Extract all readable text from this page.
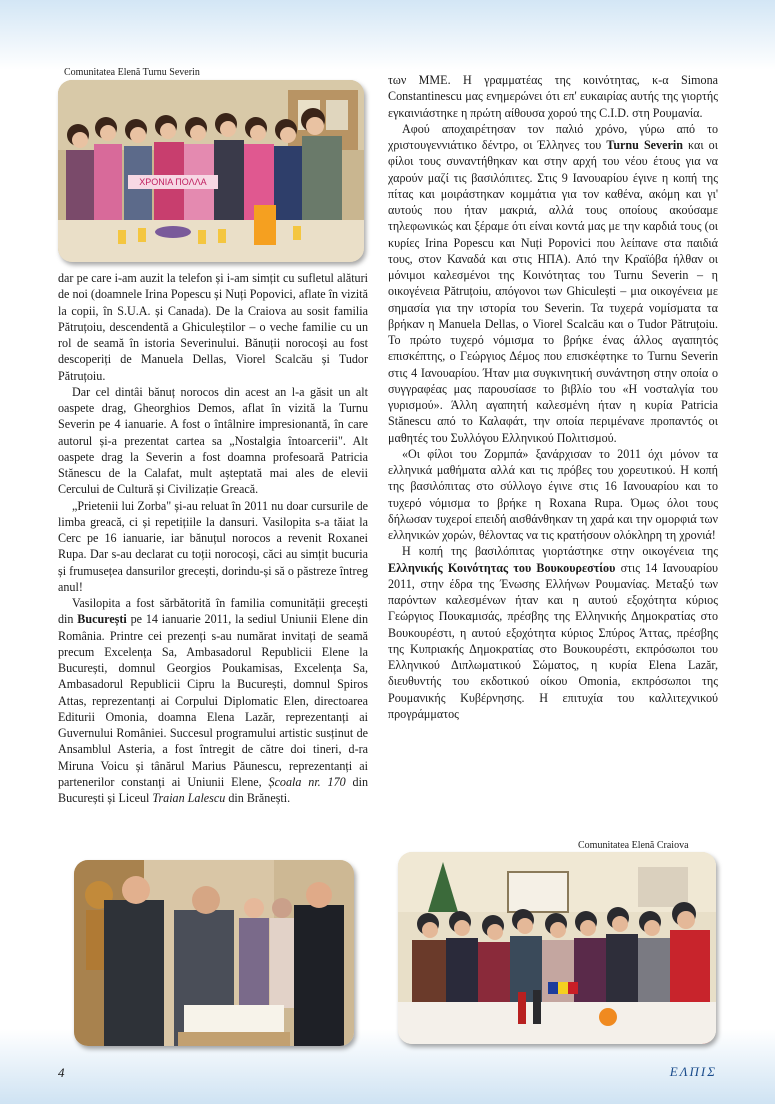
Comunitatea Elenă Turnu Severin
ΧΡΟΝΙΑ ΠΟΛΛΑ

dar pe care i-am auzit la telefon și i-am simțit cu sufletul alături de noi (doamnele Irina Popescu și Nuți Popovici, aflate în vizită la copii, în S.U.A. și Canada). De la Craiova au sosit familia Pătruțoiu, descendentă a Ghiculeștilor – o veche familie cu un rol de seamă în istoria Severinului. Bănuții norocoși au fost descoperiți de Manuela Dellas, Viorel Scalcău și Tudor Pătruțoiu.

Dar cel dintâi bănuț norocos din acest an l-a găsit un alt oaspete drag, Gheorghios Demos, aflat în vizită la Turnu Severin pe 4 ianuarie. A fost o întâlnire impresionantă, în care autorul și-a prezentat cartea sa „Nostalgia întoarcerii". Alt oaspete drag la Severin a fost doamna profesoară Patricia Stănescu de la Calafat, mult așteptată mai ales de elevii Cercului de Cultură și Civilizație Greacă.

„Prietenii lui Zorba" și-au reluat în 2011 nu doar cursurile de limba greacă, ci și repetițiile la dansuri. Vasilopita s-a tăiat la Cerc pe 16 ianuarie, iar bănuțul norocos a revenit Roxanei Rupa. Dar s-au declarat cu toții norocoși, căci au simțit bucuria și frumusețea dansurilor grecești, dorindu-și să o păstreze întreg anul!

Vasilopita a fost sărbătorită în familia comunității grecești din București pe 14 ianuarie 2011, la sediul Uniunii Elene din România. Printre cei prezenți s-au numărat invitați de seamă precum Excelența Sa, Ambasadorul Republicii Elene la București, domnul Georgios Poukamisas, Excelența Sa, Ambasadorul Republicii Cipru la București, domnul Spiros Attas, reprezentanți ai Corpului Diplomatic Elen, directoarea Editurii Omonia, doamna Elena Lazăr, reprezentanți ai Guvernului României. Succesul programului artistic susținut de Ansamblul Asteria, a fost întregit de către doi tineri, d-ra Miruna Voicu și tânărul Marius Păunescu, reprezentanți ai partenerilor constanți ai Uniunii Elene, Școala nr. 170 din București și Liceul Traian Lalescu din Brănești.

των ΜΜΕ. Η γραμματέας της κοινότητας, κ-α Simona Constantinescu μας ενημερώνει ότι επ' ευκαιρίας αυτής της γιορτής εγκαινιάστηκε η πρώτη αίθουσα χορού της C.I.D. στη Ρουμανία.

Αφού αποχαιρέτησαν τον παλιό χρόνο, γύρω από το χριστουγεννιάτικο δέντρο, οι Έλληνες του Turnu Severin και οι φίλοι τους συναντήθηκαν και στην αρχή του νέου έτους για να χαρούν μαζί τις βασιλόπιτες. Στις 9 Ιανουαρίου έγινε η κοπή της πίτας και μοιράστηκαν κομμάτια για τον καθένα, ακόμη και γι' αυτούς που ήταν μακριά, αλλά τους οποίους ακούσαμε τηλεφωνικώς και ξέραμε ότι είναι κοντά μας με την καρδιά τους (οι κυρίες Irina Popescu και Nuți Popovici που λείπανε στα παιδιά τους, στον Καναδά και στις ΗΠΑ). Από την Κραϊόβα ήλθαν οι μόνιμοι καλεσμένοι της Κοινότητας του Turnu Severin – η οικογένεια Pătruțoiu, απόγονοι των Ghiculești – μια οικογένεια με σημασία για την ιστορία του Severin. Τα τυχερά νομίσματα τα βρήκαν η Manuela Dellas, ο Viorel Scalcău και ο Tudor Pătruțoiu. Το πρώτο τυχερό νόμισμα το βρήκε ένας άλλος αγαπητός επισκέπτης, ο Γεώργιος Δέμος που επισκέφτηκε το Turnu Severin στις 4 Ιανουαρίου. Ήταν μια συγκινητική συνάντηση στην οποία ο συγγραφέας μας παρουσίασε το βιβλίο του «Η νοσταλγία του γυρισμού». Άλλη αγαπητή καλεσμένη ήταν η κυρία Patricia Stănescu από το Καλαφάτ, την οποία περιμένανε προπαντός οι μαθητές του Συλλόγου Ελληνικού Πολιτισμού.

«Οι φίλοι του Ζορμπά» ξανάρχισαν το 2011 όχι μόνον τα ελληνικά μαθήματα αλλά και τις πρόβες του χορευτικού. Η κοπή της βασιλόπιτας στο σύλλογο έγινε στις 16 Ιανουαρίου και το τυχερό νόμισμα το βρήκε η Roxana Rupa. Όμως όλοι τους δήλωσαν τυχεροί επειδή αισθάνθηκαν τη χαρά και την ομορφιά των ελληνικών χορών, θέλοντας να τις κρατήσουν ολόκληρη τη χρονιά!

Η κοπή της βασιλόπιτας γιορτάστηκε στην οικογένεια της Ελληνικής Κοινότητας του Βουκουρεστίου στις 14 Ιανουαρίου 2011, στην έδρα της Ένωσης Ελλήνων Ρουμανίας. Μεταξύ των παρόντων καλεσμένων ήταν και η αυτού εξοχότητα κύριος Γεώργιος Πουκαμισάς, πρέσβης της Ελληνικής Δημοκρατίας στο Βουκουρέστι, η αυτού εξοχότητα κύριος Σπύρος Άττας, πρέσβης της Κυπριακής Δημοκρατίας στο Βουκουρέστι, εκπρόσωποι του Ελληνικού Διπλωματικού Σώματος, η κυρία Elena Lazăr, διευθυντής του εκδοτικού οίκου Omonia, εκπρόσωποι της Ρουμανικής Κυβέρνησης. Η επιτυχία του καλλιτεχνικού προγράμματος

Comunitatea Elenă Craiova
4	ΕΛΠΙΣ
